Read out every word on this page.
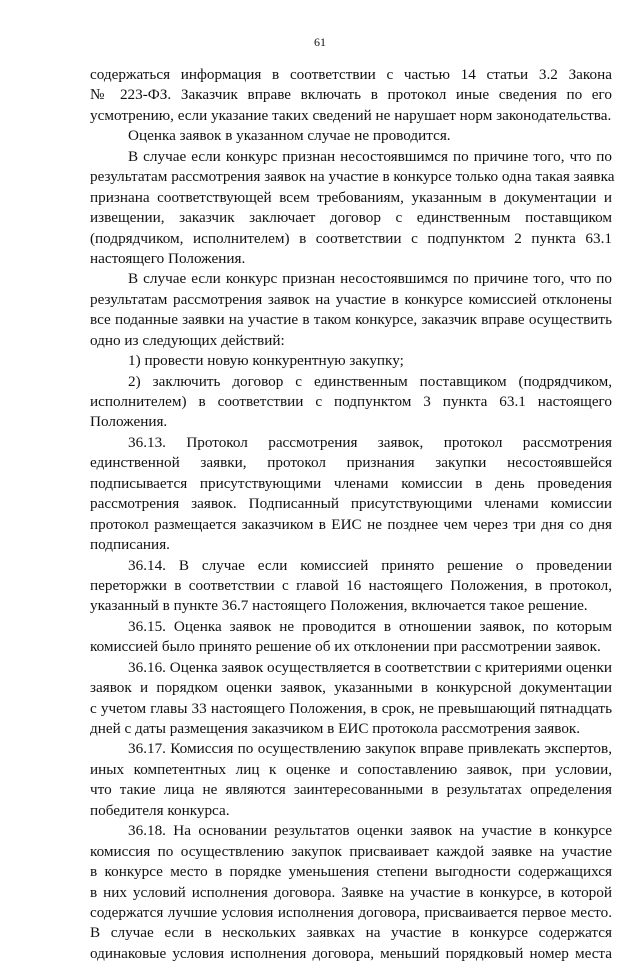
61
содержаться информация в соответствии с частью 14 статьи 3.2 Закона
№ 223-ФЗ. Заказчик вправе включать в протокол иные сведения по его
усмотрению, если указание таких сведений не нарушает норм законодательства.
Оценка заявок в указанном случае не проводится.
В случае если конкурс признан несостоявшимся по причине того, что по
результатам рассмотрения заявок на участие в конкурсе только одна такая заявка
признана соответствующей всем требованиям, указанным в документации и
извещении, заказчик заключает договор с единственным поставщиком
(подрядчиком, исполнителем) в соответствии с подпунктом 2 пункта 63.1
настоящего Положения.
В случае если конкурс признан несостоявшимся по причине того, что по
результатам рассмотрения заявок на участие в конкурсе комиссией отклонены
все поданные заявки на участие в таком конкурсе, заказчик вправе осуществить
одно из следующих действий:
1) провести новую конкурентную закупку;
2) заключить договор с единственным поставщиком (подрядчиком,
исполнителем) в соответствии с подпунктом 3 пункта 63.1 настоящего
Положения.
36.13. Протокол рассмотрения заявок, протокол рассмотрения
единственной заявки, протокол признания закупки несостоявшейся
подписывается присутствующими членами комиссии в день проведения
рассмотрения заявок. Подписанный присутствующими членами комиссии
протокол размещается заказчиком в ЕИС не позднее чем через три дня со дня
подписания.
36.14. В случае если комиссией принято решение о проведении
переторжки в соответствии с главой 16 настоящего Положения, в протокол,
указанный в пункте 36.7 настоящего Положения, включается такое решение.
36.15. Оценка заявок не проводится в отношении заявок, по которым
комиссией было принято решение об их отклонении при рассмотрении заявок.
36.16. Оценка заявок осуществляется в соответствии с критериями оценки
заявок и порядком оценки заявок, указанными в конкурсной документации
с учетом главы 33 настоящего Положения, в срок, не превышающий пятнадцать
дней с даты размещения заказчиком в ЕИС протокола рассмотрения заявок.
36.17. Комиссия по осуществлению закупок вправе привлекать экспертов,
иных компетентных лиц к оценке и сопоставлению заявок, при условии,
что такие лица не являются заинтересованными в результатах определения
победителя конкурса.
36.18. На основании результатов оценки заявок на участие в конкурсе
комиссия по осуществлению закупок присваивает каждой заявке на участие
в конкурсе место в порядке уменьшения степени выгодности содержащихся
в них условий исполнения договора. Заявке на участие в конкурсе, в которой
содержатся лучшие условия исполнения договора, присваивается первое место.
В случае если в нескольких заявках на участие в конкурсе содержатся
одинаковые условия исполнения договора, меньший порядковый номер места
